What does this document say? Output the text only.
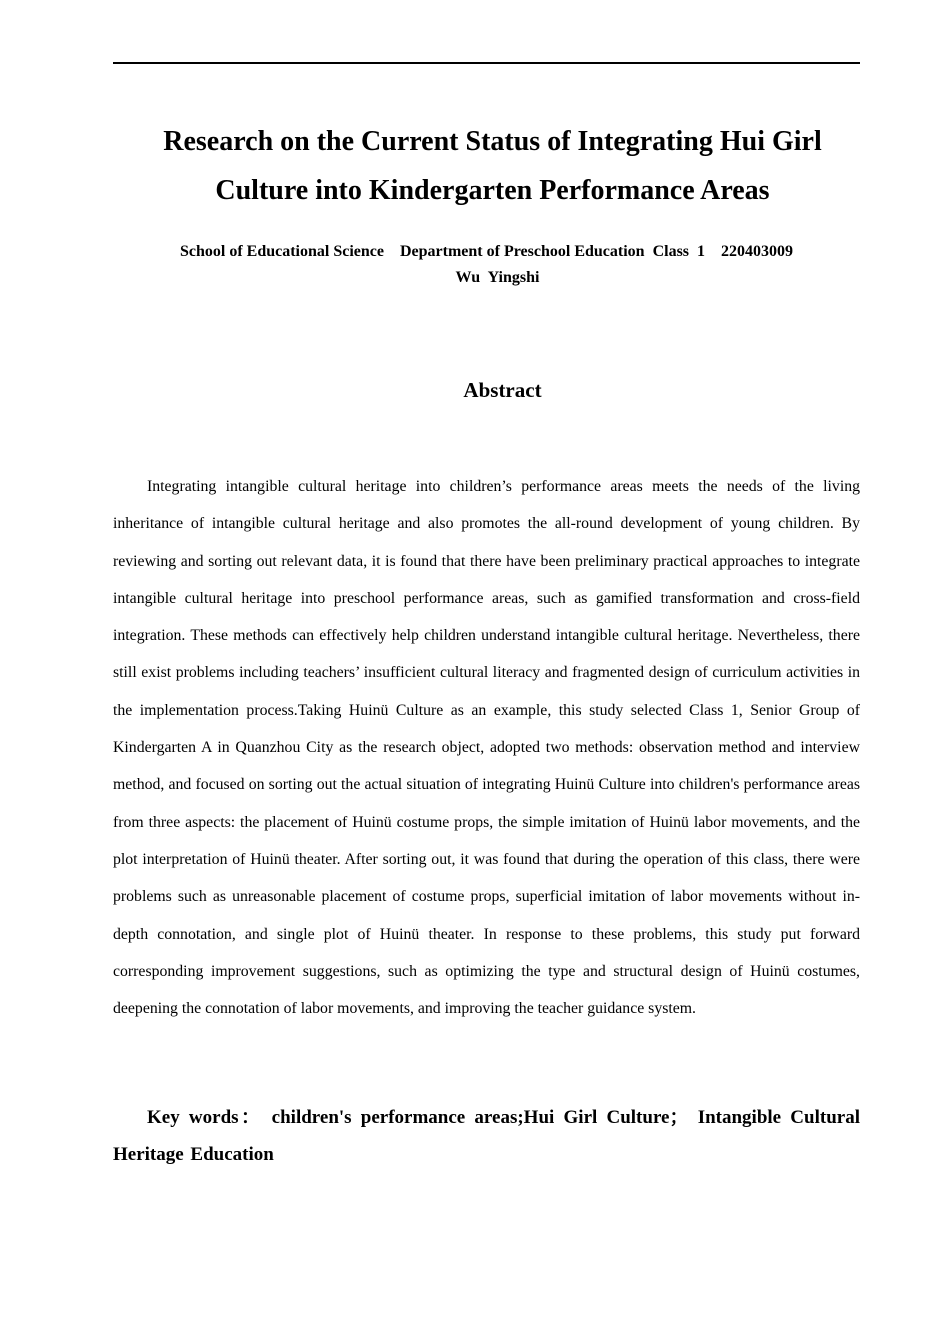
Research on the Current Status of Integrating Hui Girl Culture into Kindergarten Performance Areas
School of Educational Science    Department of Preschool Education  Class  1    220403009
Wu  Yingshi
Abstract

Integrating intangible cultural heritage into children’s performance areas meets the needs of the living inheritance of intangible cultural heritage and also promotes the all-round development of young children. By reviewing and sorting out relevant data, it is found that there have been preliminary practical approaches to integrate intangible cultural heritage into preschool performance areas, such as gamified transformation and cross-field integration. These methods can effectively help children understand intangible cultural heritage. Nevertheless, there still exist problems including teachers’ insufficient cultural literacy and fragmented design of curriculum activities in the implementation process.Taking Huinü Culture as an example, this study selected Class 1, Senior Group of Kindergarten A in Quanzhou City as the research object, adopted two methods: observation method and interview method, and focused on sorting out the actual situation of integrating Huinü Culture into children's performance areas from three aspects: the placement of Huinü costume props, the simple imitation of Huinü labor movements, and the plot interpretation of Huinü theater. After sorting out, it was found that during the operation of this class, there were problems such as unreasonable placement of costume props, superficial imitation of labor movements without in-depth connotation, and single plot of Huinü theater. In response to these problems, this study put forward corresponding improvement suggestions, such as optimizing the type and structural design of Huinü costumes, deepening the connotation of labor movements, and improving the teacher guidance system.

Key words： children's performance areas;Hui Girl Culture； Intangible Cultural Heritage Education
